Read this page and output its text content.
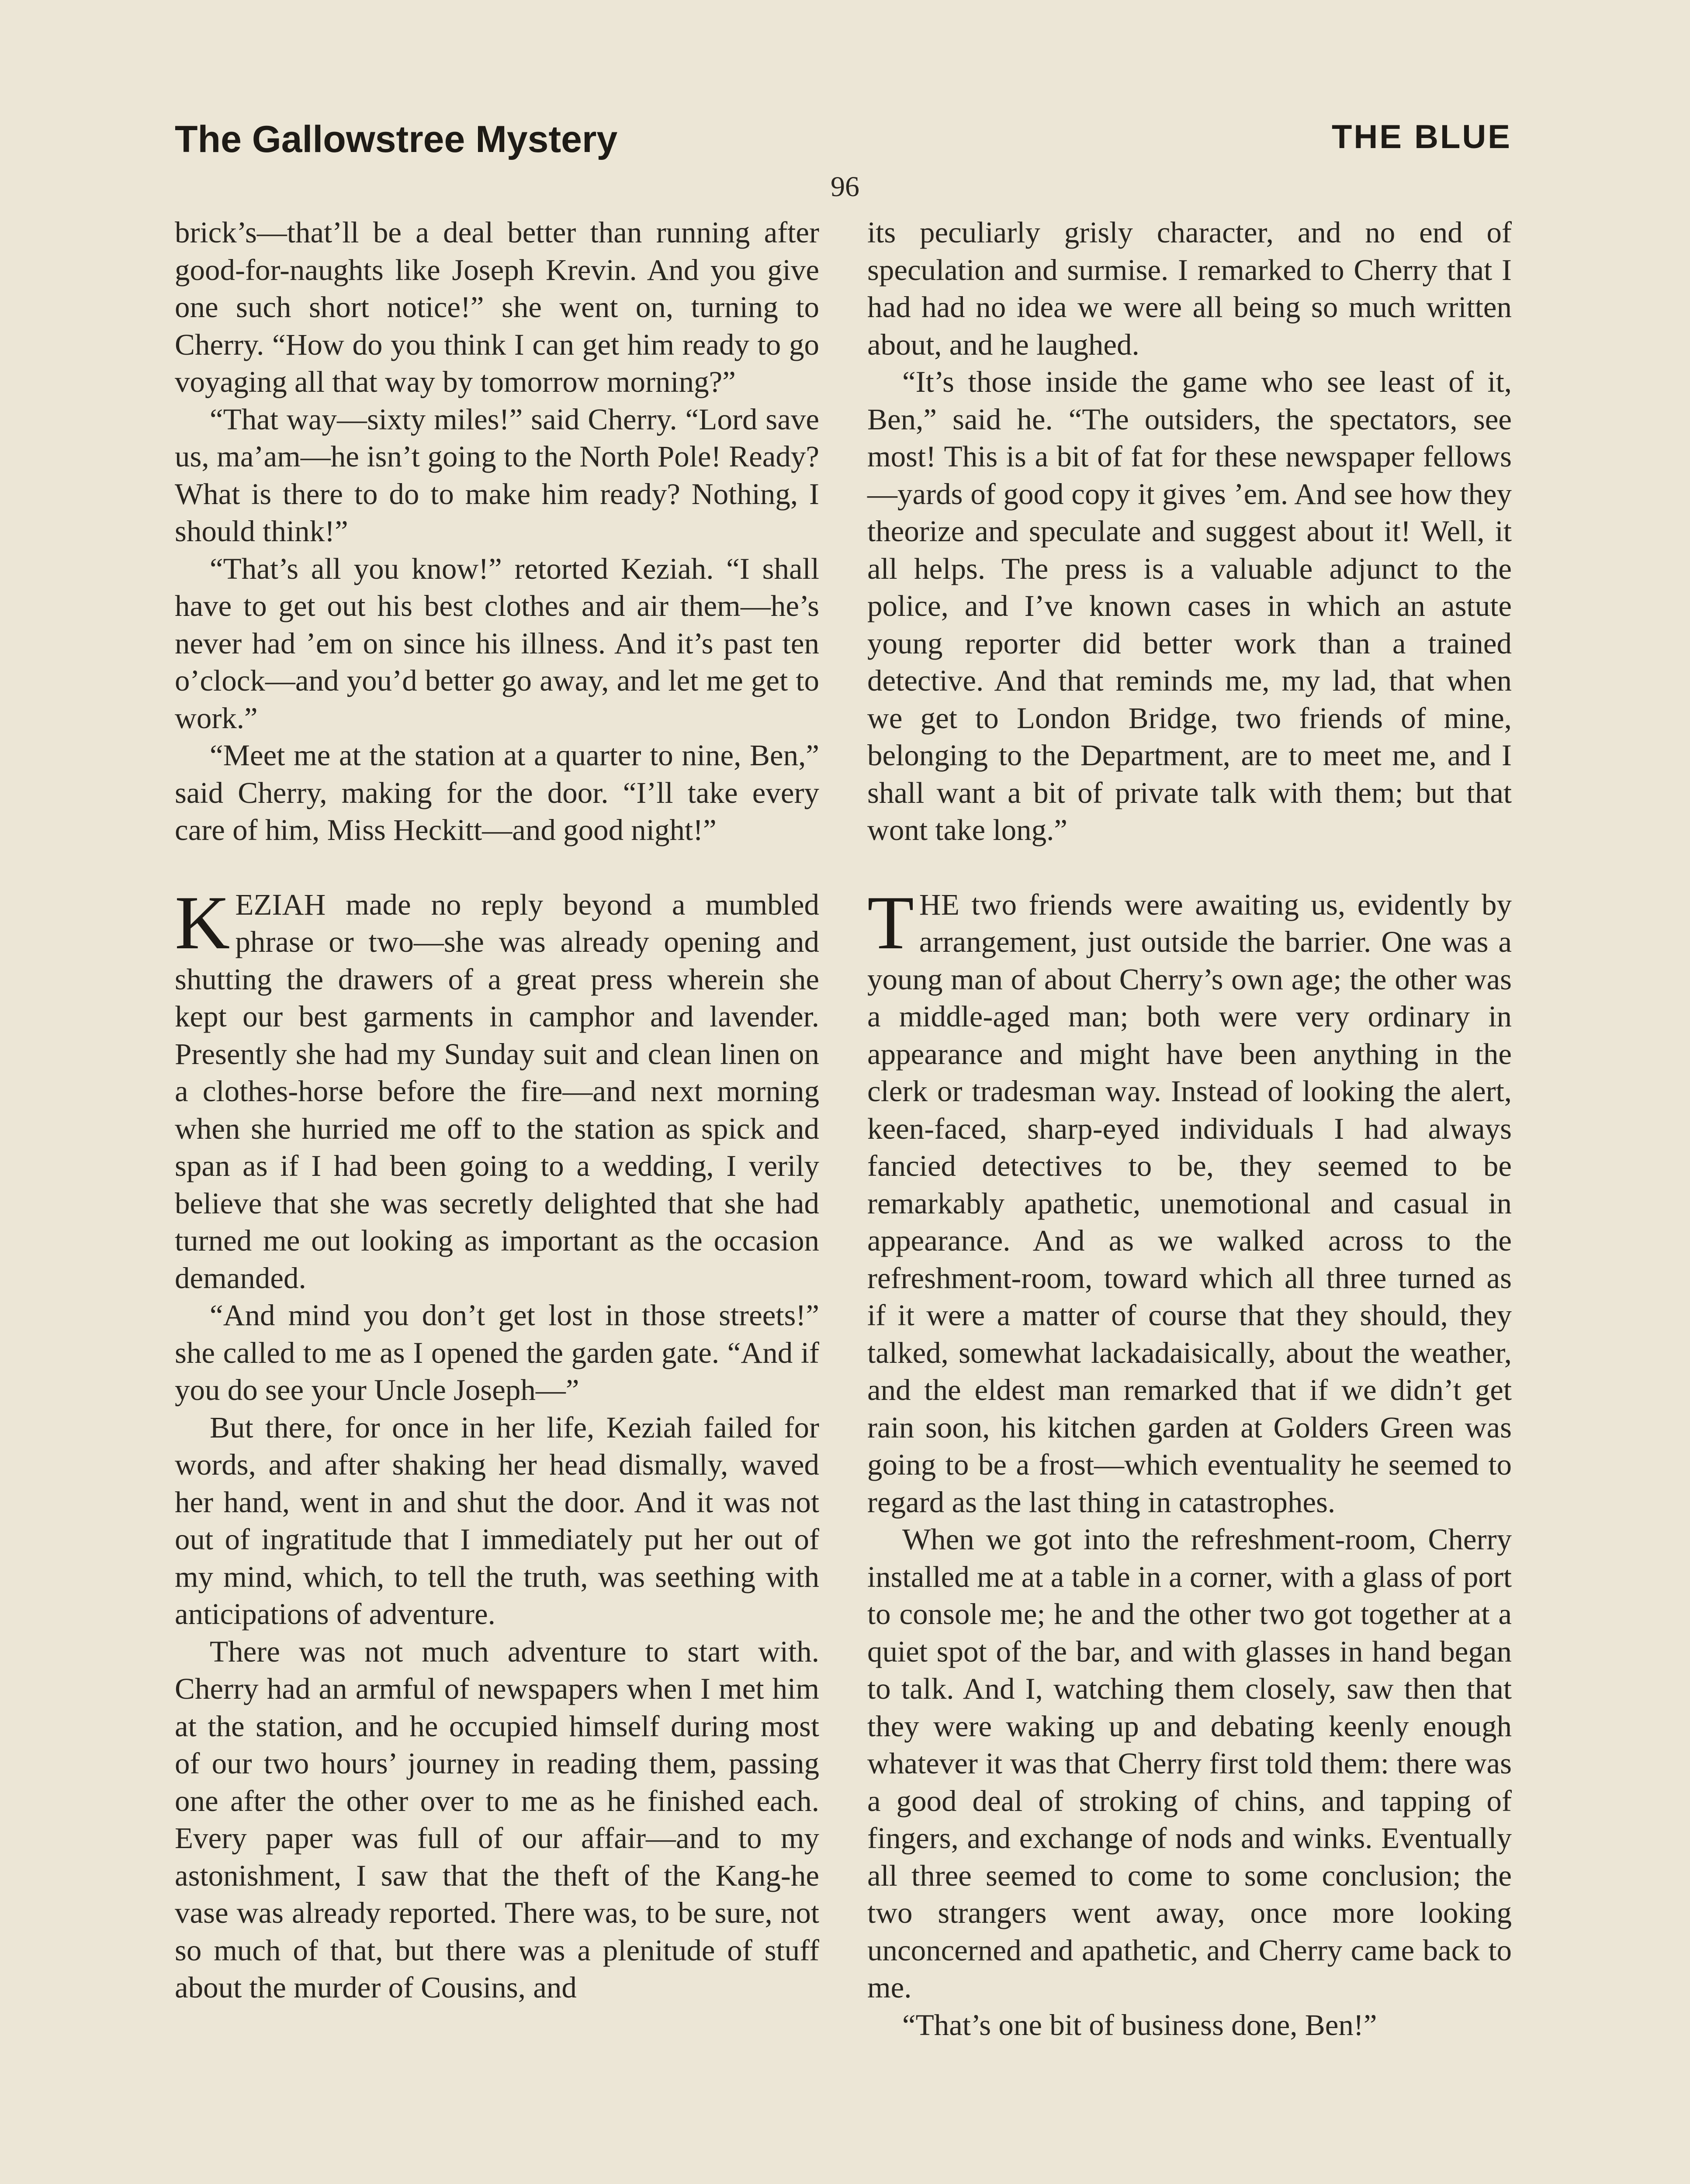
The Gallowstree Mystery	THE BLUE
96

brick’s—that’ll be a deal better than running after good-for-naughts like Joseph Krevin. And you give one such short notice!” she went on, turning to Cherry. “How do you think I can get him ready to go voyaging all that way by tomorrow morning?”

“That way—sixty miles!” said Cherry. “Lord save us, ma’am—he isn’t going to the North Pole! Ready? What is there to do to make him ready? Nothing, I should think!”

“That’s all you know!” retorted Keziah. “I shall have to get out his best clothes and air them—he’s never had ’em on since his illness. And it’s past ten o’clock—and you’d better go away, and let me get to work.”

“Meet me at the station at a quarter to nine, Ben,” said Cherry, making for the door. “I’ll take every care of him, Miss Heckitt—and good night!”

KEZIAH made no reply beyond a mumbled phrase or two—she was already opening and shutting the drawers of a great press wherein she kept our best garments in camphor and lavender. Presently she had my Sunday suit and clean linen on a clothes-horse before the fire—and next morning when she hurried me off to the station as spick and span as if I had been going to a wedding, I verily believe that she was secretly delighted that she had turned me out looking as important as the occasion demanded.

“And mind you don’t get lost in those streets!” she called to me as I opened the garden gate. “And if you do see your Uncle Joseph—”

But there, for once in her life, Keziah failed for words, and after shaking her head dismally, waved her hand, went in and shut the door. And it was not out of ingratitude that I immediately put her out of my mind, which, to tell the truth, was seething with anticipations of adventure.

There was not much adventure to start with. Cherry had an armful of newspapers when I met him at the station, and he occupied himself during most of our two hours’ journey in reading them, passing one after the other over to me as he finished each. Every paper was full of our affair—and to my astonishment, I saw that the theft of the Kang-he vase was already reported. There was, to be sure, not so much of that, but there was a plenitude of stuff about the murder of Cousins, and

its peculiarly grisly character, and no end of speculation and surmise. I remarked to Cherry that I had had no idea we were all being so much written about, and he laughed.

“It’s those inside the game who see least of it, Ben,” said he. “The outsiders, the spectators, see most! This is a bit of fat for these newspaper fellows—yards of good copy it gives ’em. And see how they theorize and speculate and suggest about it! Well, it all helps. The press is a valuable adjunct to the police, and I’ve known cases in which an astute young reporter did better work than a trained detective. And that reminds me, my lad, that when we get to London Bridge, two friends of mine, belonging to the Department, are to meet me, and I shall want a bit of private talk with them; but that wont take long.”

THE two friends were awaiting us, evidently by arrangement, just outside the barrier. One was a young man of about Cherry’s own age; the other was a middle-aged man; both were very ordinary in appearance and might have been anything in the clerk or tradesman way. Instead of looking the alert, keen-faced, sharp-eyed individuals I had always fancied detectives to be, they seemed to be remarkably apathetic, unemotional and casual in appearance. And as we walked across to the refreshment-room, toward which all three turned as if it were a matter of course that they should, they talked, somewhat lackadaisically, about the weather, and the eldest man remarked that if we didn’t get rain soon, his kitchen garden at Golders Green was going to be a frost—which eventuality he seemed to regard as the last thing in catastrophes.

When we got into the refreshment-room, Cherry installed me at a table in a corner, with a glass of port to console me; he and the other two got together at a quiet spot of the bar, and with glasses in hand began to talk. And I, watching them closely, saw then that they were waking up and debating keenly enough whatever it was that Cherry first told them: there was a good deal of stroking of chins, and tapping of fingers, and exchange of nods and winks. Eventually all three seemed to come to some conclusion; the two strangers went away, once more looking unconcerned and apathetic, and Cherry came back to me.

“That’s one bit of business done, Ben!”
